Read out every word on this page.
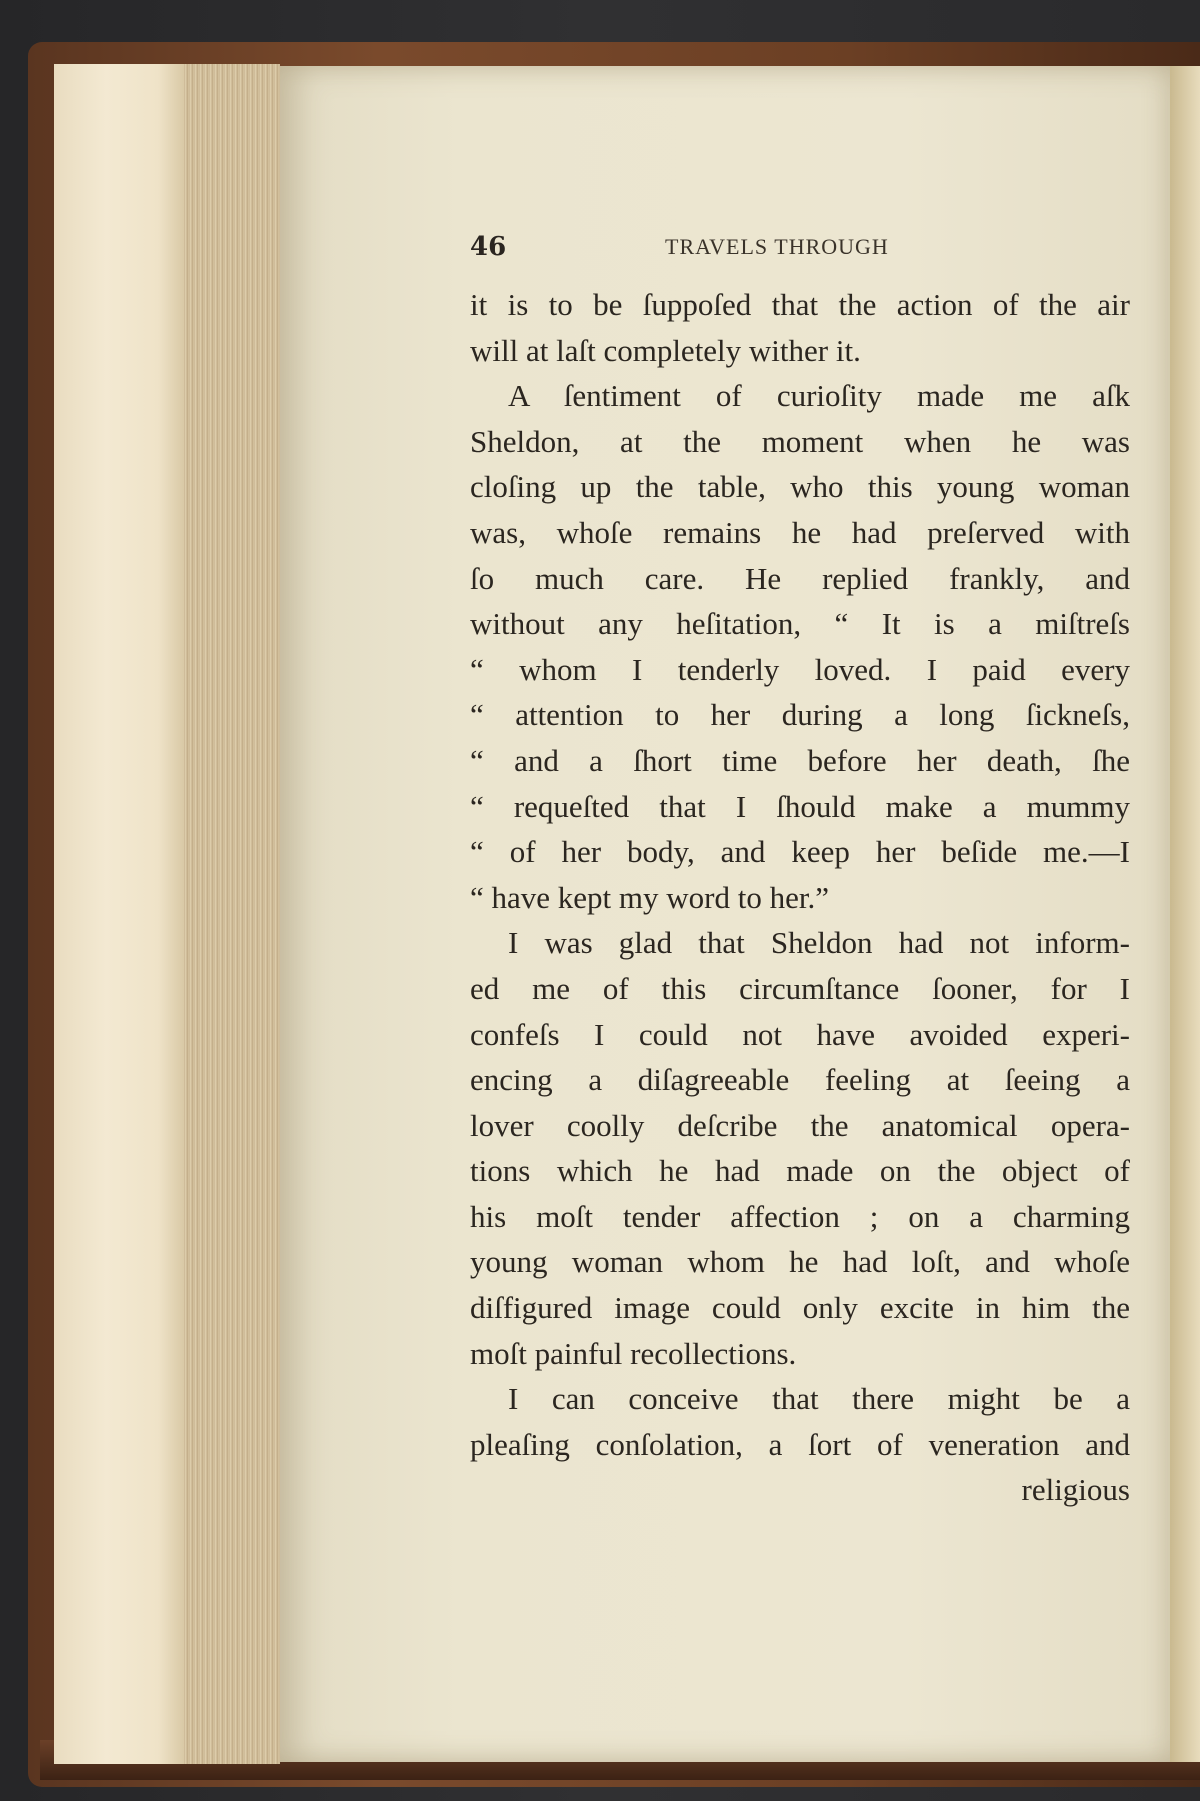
46	TRAVELS THROUGH
it is to be ſuppoſed that the action of the air
will at laſt completely wither it.
A ſentiment of curioſity made me aſk
Sheldon, at the moment when he was
cloſing up the table, who this young woman
was, whoſe remains he had preſerved with
ſo much care. He replied frankly, and
without any heſitation, “ It is a miſtreſs
“ whom I tenderly loved. I paid every
“ attention to her during a long ſickneſs,
“ and a ſhort time before her death, ſhe
“ requeſted that I ſhould make a mummy
“ of her body, and keep her beſide me.—I
“ have kept my word to her.”
I was glad that Sheldon had not inform-
ed me of this circumſtance ſooner, for I
confeſs I could not have avoided experi-
encing a diſagreeable feeling at ſeeing a
lover coolly deſcribe the anatomical opera-
tions which he had made on the object of
his moſt tender affection ; on a charming
young woman whom he had loſt, and whoſe
diſfigured image could only excite in him the
moſt painful recollections.
I can conceive that there might be a
pleaſing conſolation, a ſort of veneration and
religious
